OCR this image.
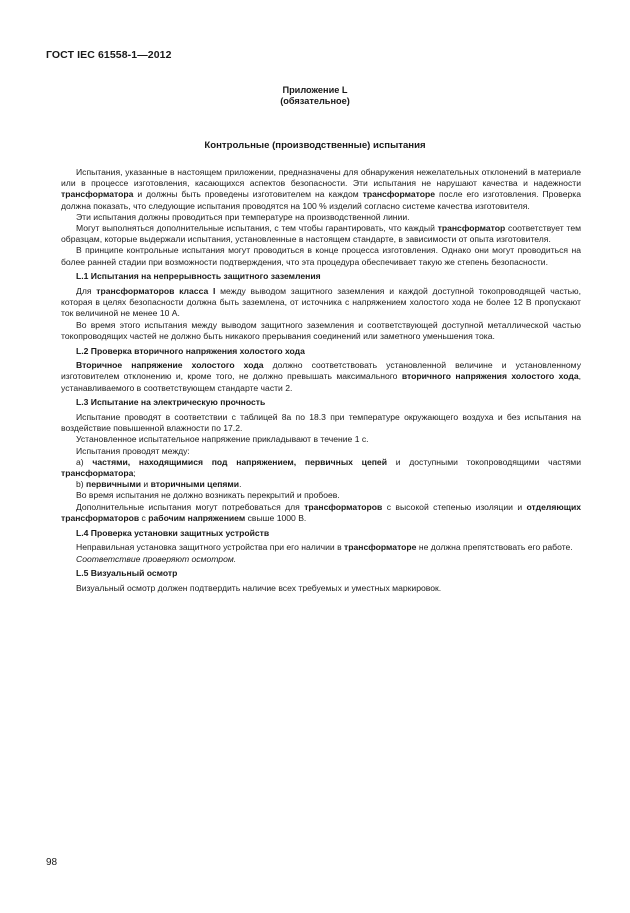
ГОСТ IEC 61558-1—2012
Приложение L
(обязательное)
Контрольные (производственные) испытания

Испытания, указанные в настоящем приложении, предназначены для обнаружения нежелательных отклонений в материале или в процессе изготовления, касающихся аспектов безопасности. Эти испытания не нарушают качества и надежности трансформатора и должны быть проведены изготовителем на каждом трансформаторе после его изготовления. Проверка должна показать, что следующие испытания проводятся на 100 % изделий согласно системе качества изготовителя.

Эти испытания должны проводиться при температуре на производственной линии.

Могут выполняться дополнительные испытания, с тем чтобы гарантировать, что каждый трансформатор соответствует тем образцам, которые выдержали испытания, установленные в настоящем стандарте, в зависимости от опыта изготовителя.

В принципе контрольные испытания могут проводиться в конце процесса изготовления. Однако они могут проводиться на более ранней стадии при возможности подтверждения, что эта процедура обеспечивает такую же степень безопасности.

L.1 Испытания на непрерывность защитного заземления

Для трансформаторов класса I между выводом защитного заземления и каждой доступной токопроводящей частью, которая в целях безопасности должна быть заземлена, от источника с напряжением холостого хода не более 12 В пропускают ток величиной не менее 10 А.

Во время этого испытания между выводом защитного заземления и соответствующей доступной металлической частью токопроводящих частей не должно быть никакого прерывания соединений или заметного уменьшения тока.

L.2 Проверка вторичного напряжения холостого хода

Вторичное напряжение холостого хода должно соответствовать установленной величине и установленному изготовителем отклонению и, кроме того, не должно превышать максимального вторичного напряжения холостого хода, устанавливаемого в соответствующем стандарте части 2.

L.3 Испытание на электрическую прочность

Испытание проводят в соответствии с таблицей 8а по 18.3 при температуре окружающего воздуха и без испытания на воздействие повышенной влажности по 17.2.

Установленное испытательное напряжение прикладывают в течение 1 с.

Испытания проводят между:

а) частями, находящимися под напряжением, первичных цепей и доступными токопроводящими частями трансформатора;

b) первичными и вторичными цепями.

Во время испытания не должно возникать перекрытий и пробоев.

Дополнительные испытания могут потребоваться для трансформаторов с высокой степенью изоляции и отделяющих трансформаторов с рабочим напряжением свыше 1000 В.

L.4 Проверка установки защитных устройств

Неправильная установка защитного устройства при его наличии в трансформаторе не должна препятствовать его работе.

Соответствие проверяют осмотром.

L.5 Визуальный осмотр

Визуальный осмотр должен подтвердить наличие всех требуемых и уместных маркировок.

98
